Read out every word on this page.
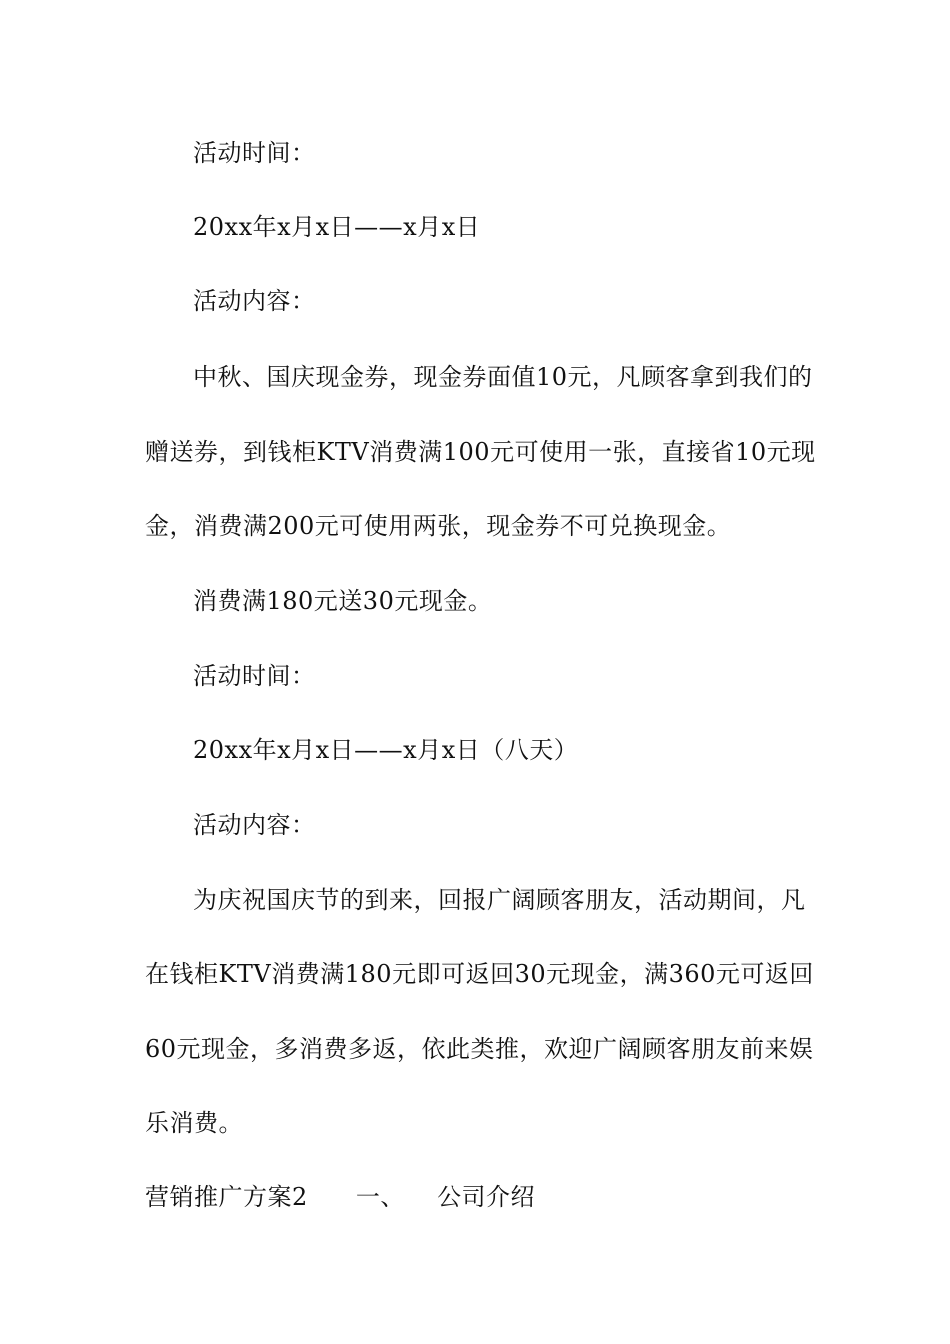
活动时间：
20xx年x月x日——x月x日
活动内容：
中秋、国庆现金券，现金券面值10元，凡顾客拿到我们的
赠送券，到钱柜KTV消费满100元可使用一张，直接省10元现
金，消费满200元可使用两张，现金券不可兑换现金。
消费满180元送30元现金。
活动时间：
20xx年x月x日——x月x日（八天）
活动内容：
为庆祝国庆节的到来，回报广阔顾客朋友，活动期间，凡
在钱柜KTV消费满180元即可返回30元现金，满360元可返回
60元现金，多消费多返，依此类推，欢迎广阔顾客朋友前来娱
乐消费。
营销推广方案2 一、 公司介绍
